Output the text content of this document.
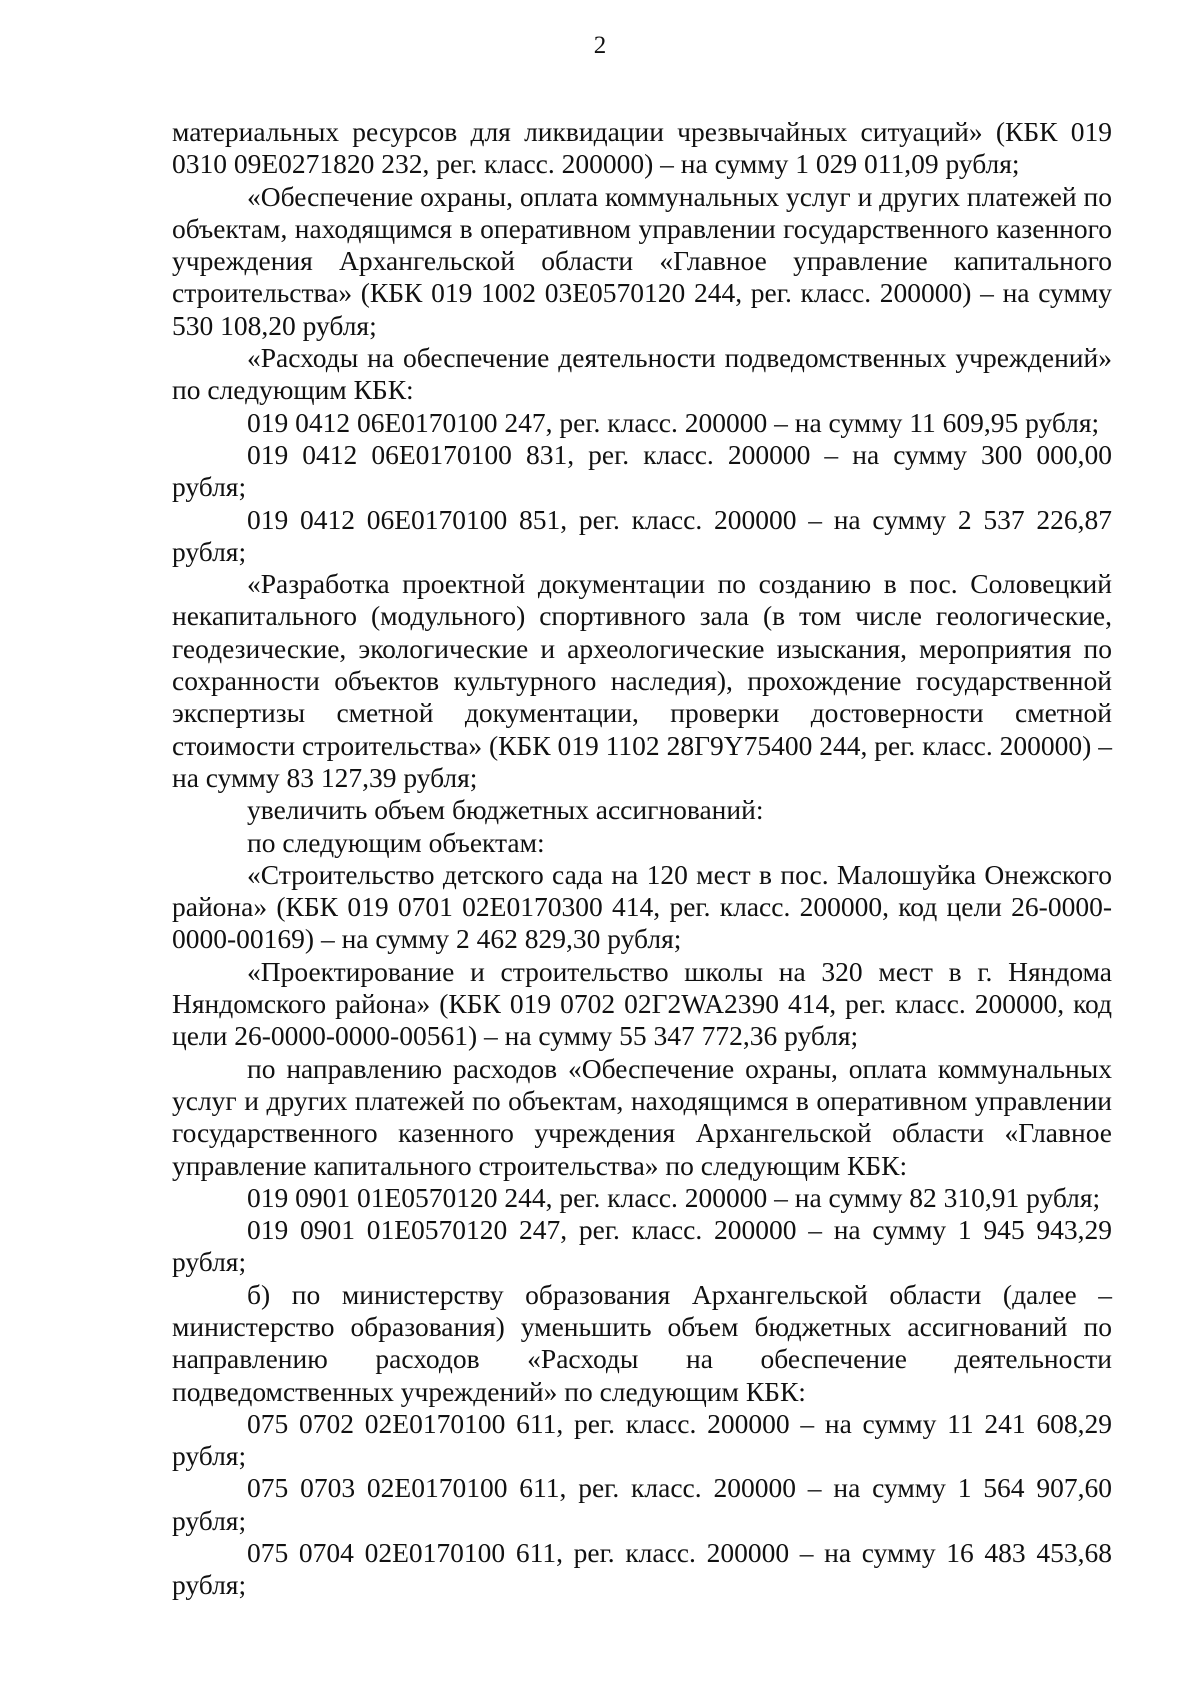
2

материальных ресурсов для ликвидации чрезвычайных ситуаций» (КБК 019 0310 09Е0271820 232, рег. класс. 200000) – на сумму 1 029 011,09 рубля;

«Обеспечение охраны, оплата коммунальных услуг и других платежей по объектам, находящимся в оперативном управлении государственного казенного учреждения Архангельской области «Главное управление капитального строительства» (КБК 019 1002 03Е0570120 244, рег. класс. 200000) – на сумму 530 108,20 рубля;

«Расходы на обеспечение деятельности подведомственных учреждений» по следующим КБК:

019 0412 06Е0170100 247, рег. класс. 200000 – на сумму 11 609,95 рубля;

019 0412 06Е0170100 831, рег. класс. 200000 – на сумму 300 000,00 рубля;

019 0412 06Е0170100 851, рег. класс. 200000 – на сумму 2 537 226,87 рубля;

«Разработка проектной документации по созданию в пос. Соловецкий некапитального (модульного) спортивного зала (в том числе геологические, геодезические, экологические и археологические изыскания, мероприятия по сохранности объектов культурного наследия), прохождение государственной экспертизы сметной документации, проверки достоверности сметной стоимости строительства» (КБК 019 1102 28Г9Y75400 244, рег. класс. 200000) – на сумму 83 127,39 рубля;

увеличить объем бюджетных ассигнований:

по следующим объектам:

«Строительство детского сада на 120 мест в пос. Малошуйка Онежского района» (КБК 019 0701 02Е0170300 414, рег. класс. 200000, код цели 26-0000-0000-00169) – на сумму 2 462 829,30 рубля;

«Проектирование и строительство школы на 320 мест в г. Няндома Няндомского района» (КБК 019 0702 02Г2WA2390 414, рег. класс. 200000, код цели 26-0000-0000-00561) – на сумму 55 347 772,36 рубля;

по направлению расходов «Обеспечение охраны, оплата коммунальных услуг и других платежей по объектам, находящимся в оперативном управлении государственного казенного учреждения Архангельской области «Главное управление капитального строительства» по следующим КБК:

019 0901 01Е0570120 244, рег. класс. 200000 – на сумму 82 310,91 рубля;

019 0901 01Е0570120 247, рег. класс. 200000 – на сумму 1 945 943,29 рубля;

б) по министерству образования Архангельской области (далее – министерство образования) уменьшить объем бюджетных ассигнований по направлению расходов «Расходы на обеспечение деятельности подведомственных учреждений» по следующим КБК:

075 0702 02Е0170100 611, рег. класс. 200000 – на сумму 11 241 608,29 рубля;

075 0703 02Е0170100 611, рег. класс. 200000 – на сумму 1 564 907,60 рубля;

075 0704 02Е0170100 611, рег. класс. 200000 – на сумму 16 483 453,68 рубля;
